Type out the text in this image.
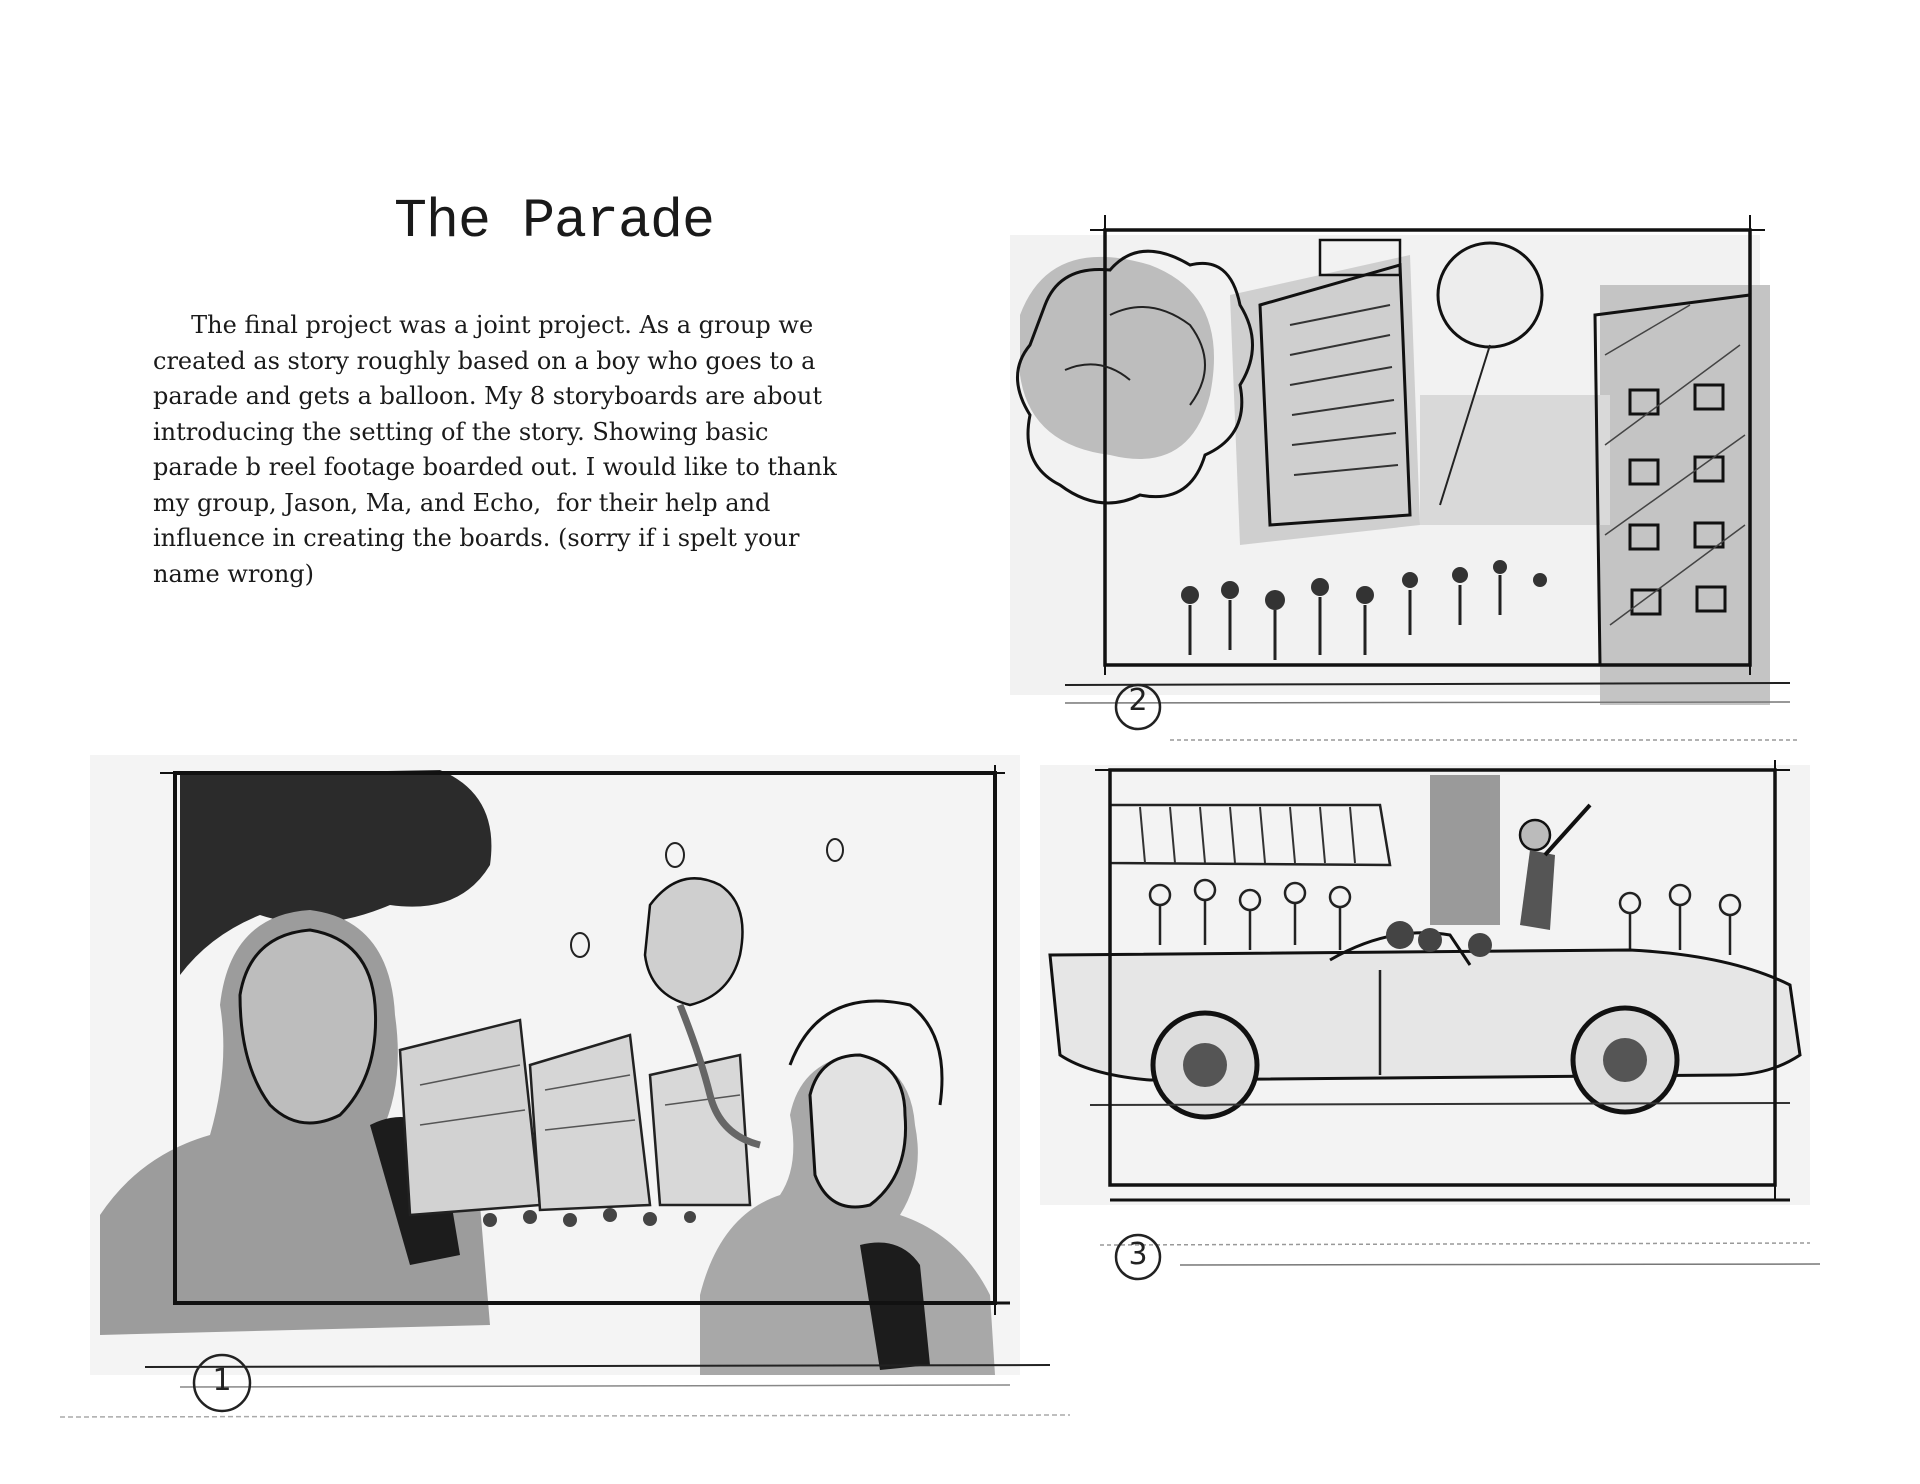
The Parade
The final project was a joint project. As a group we
created as story roughly based on a boy who goes to a
parade and gets a balloon. My 8 storyboards are about
introducing the setting of the story. Showing basic
parade b reel footage boarded out. I would like to thank
my group, Jason, Ma, and Echo,  for their help and
influence in creating the boards. (sorry if i spelt your
name wrong)
2
1
3
